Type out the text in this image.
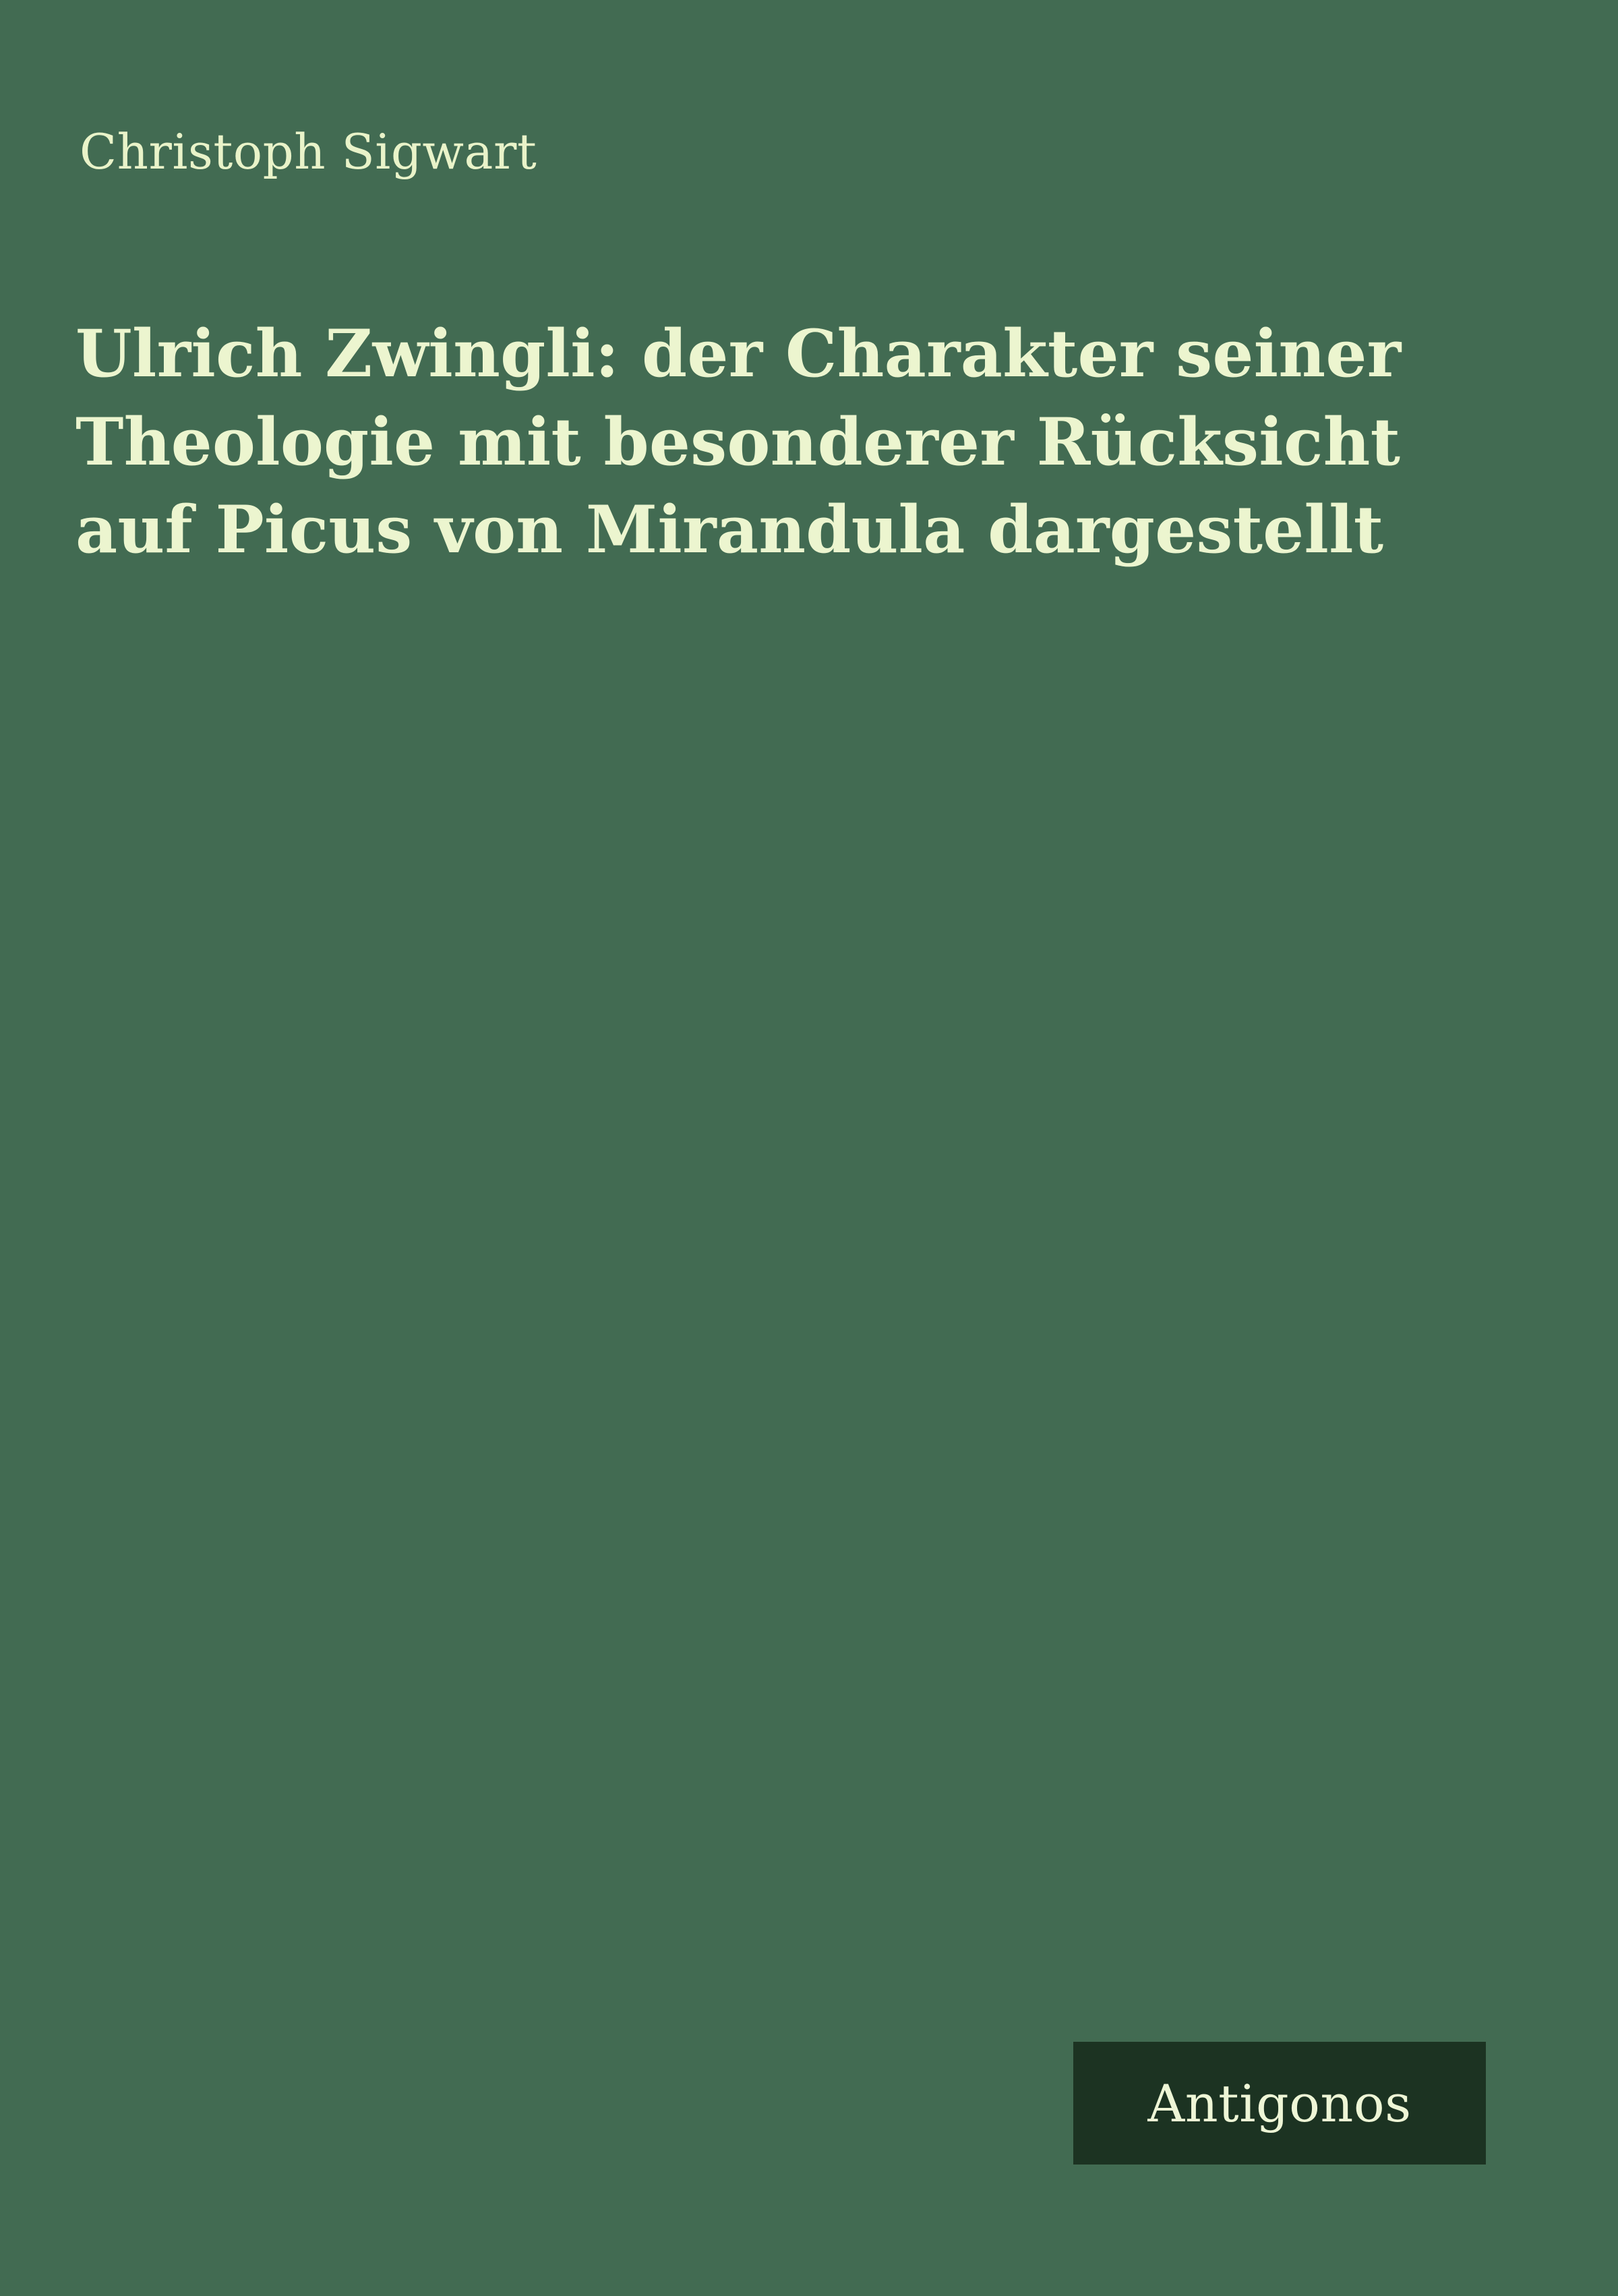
Christoph Sigwart
Ulrich Zwingli: der Charakter seiner Theologie mit besonderer Rücksicht auf Picus von Mirandula dargestellt
Antigonos
